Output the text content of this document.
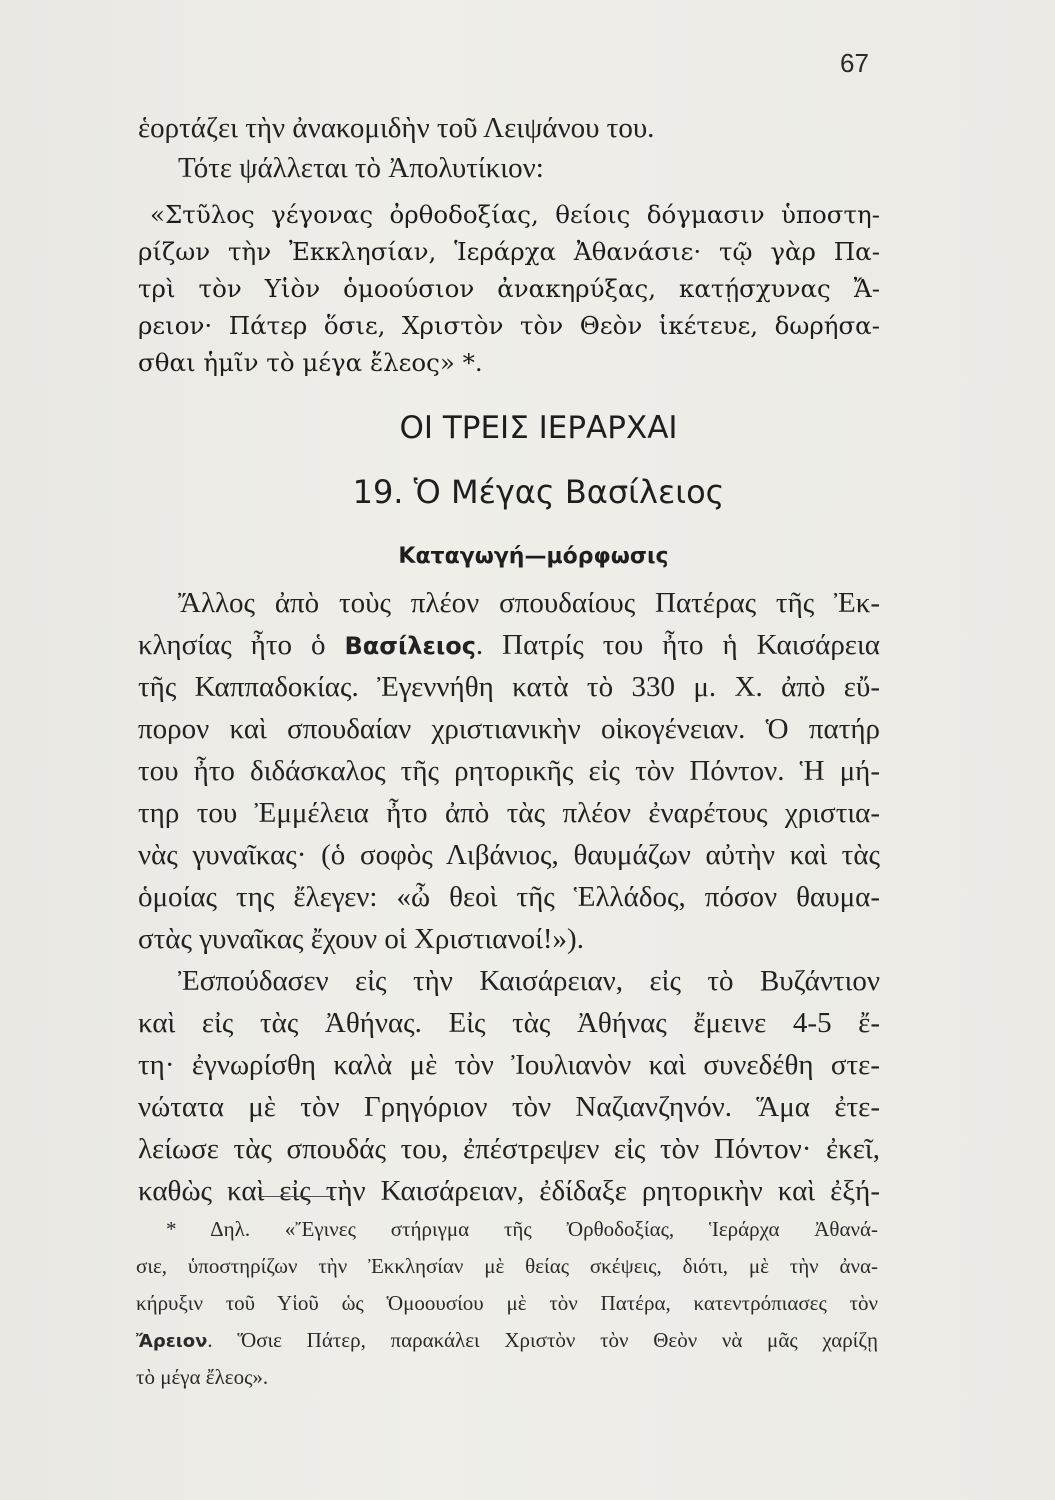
67
ἑορτάζει τὴν ἀνακομιδὴν τοῦ Λειψάνου του.
Τότε ψάλλεται τὸ Ἀπολυτίκιον:
«Στῦλος γέγονας ὀρθοδοξίας, θείοις δόγμασιν ὑποστη-
ρίζων τὴν Ἐκκλησίαν, Ἱεράρχα Ἀθανάσιε· τῷ γὰρ Πα-
τρὶ τὸν Υἱὸν ὁμοούσιον ἀνακηρύξας, κατῄσχυνας Ἄ-
ρειον· Πάτερ ὅσιε, Χριστὸν τὸν Θεὸν ἱκέτευε, δωρήσα-
σθαι ἡμῖν τὸ μέγα ἔλεος» *.
ΟΙ ΤΡΕΙΣ ΙΕΡΑΡΧΑΙ
19. Ὁ Μέγας Βασίλειος
Καταγωγή—μόρφωσις
Ἄλλος ἀπὸ τοὺς πλέον σπουδαίους Πατέρας τῆς Ἐκ-
κλησίας ἦτο ὁ Βασίλειος. Πατρίς του ἦτο ἡ Καισάρεια
τῆς Καππαδοκίας. Ἐγεννήθη κατὰ τὸ 330 μ. Χ. ἀπὸ εὔ-
πορον καὶ σπουδαίαν χριστιανικὴν οἰκογένειαν. Ὁ πατήρ
του ἦτο διδάσκαλος τῆς ρητορικῆς εἰς τὸν Πόντον. Ἡ μή-
τηρ του Ἐμμέλεια ἦτο ἀπὸ τὰς πλέον ἐναρέτους χριστια-
νὰς γυναῖκας· (ὁ σοφὸς Λιβάνιος, θαυμάζων αὐτὴν καὶ τὰς
ὁμοίας της ἔλεγεν: «ὦ θεοὶ τῆς Ἑλλάδος, πόσον θαυμα-
στὰς γυναῖκας ἔχουν οἱ Χριστιανοί!»).
Ἐσπούδασεν εἰς τὴν Καισάρειαν, εἰς τὸ Βυζάντιον
καὶ εἰς τὰς Ἀθήνας. Εἰς τὰς Ἀθήνας ἔμεινε 4-5 ἔ-
τη· ἐγνωρίσθη καλὰ μὲ τὸν Ἰουλιανὸν καὶ συνεδέθη στε-
νώτατα μὲ τὸν Γρηγόριον τὸν Ναζιανζηνόν. Ἅμα ἐτε-
λείωσε τὰς σπουδάς του, ἐπέστρεψεν εἰς τὸν Πόντον· ἐκεῖ,
καθὼς καὶ εἰς τὴν Καισάρειαν, ἐδίδαξε ρητορικὴν καὶ ἐξή-
* Δηλ. «Ἔγινες στήριγμα τῆς Ὀρθοδοξίας, Ἱεράρχα Ἀθανά-
σιε, ὑποστηρίζων τὴν Ἐκκλησίαν μὲ θείας σκέψεις, διότι, μὲ τὴν ἀνα-
κήρυξιν τοῦ Υἱοῦ ὡς Ὁμοουσίου μὲ τὸν Πατέρα, κατεντρόπιασες τὸν
Ἄρειον. Ὅσιε Πάτερ, παρακάλει Χριστὸν τὸν Θεὸν νὰ μᾶς χαρίζῃ
τὸ μέγα ἔλεος».
